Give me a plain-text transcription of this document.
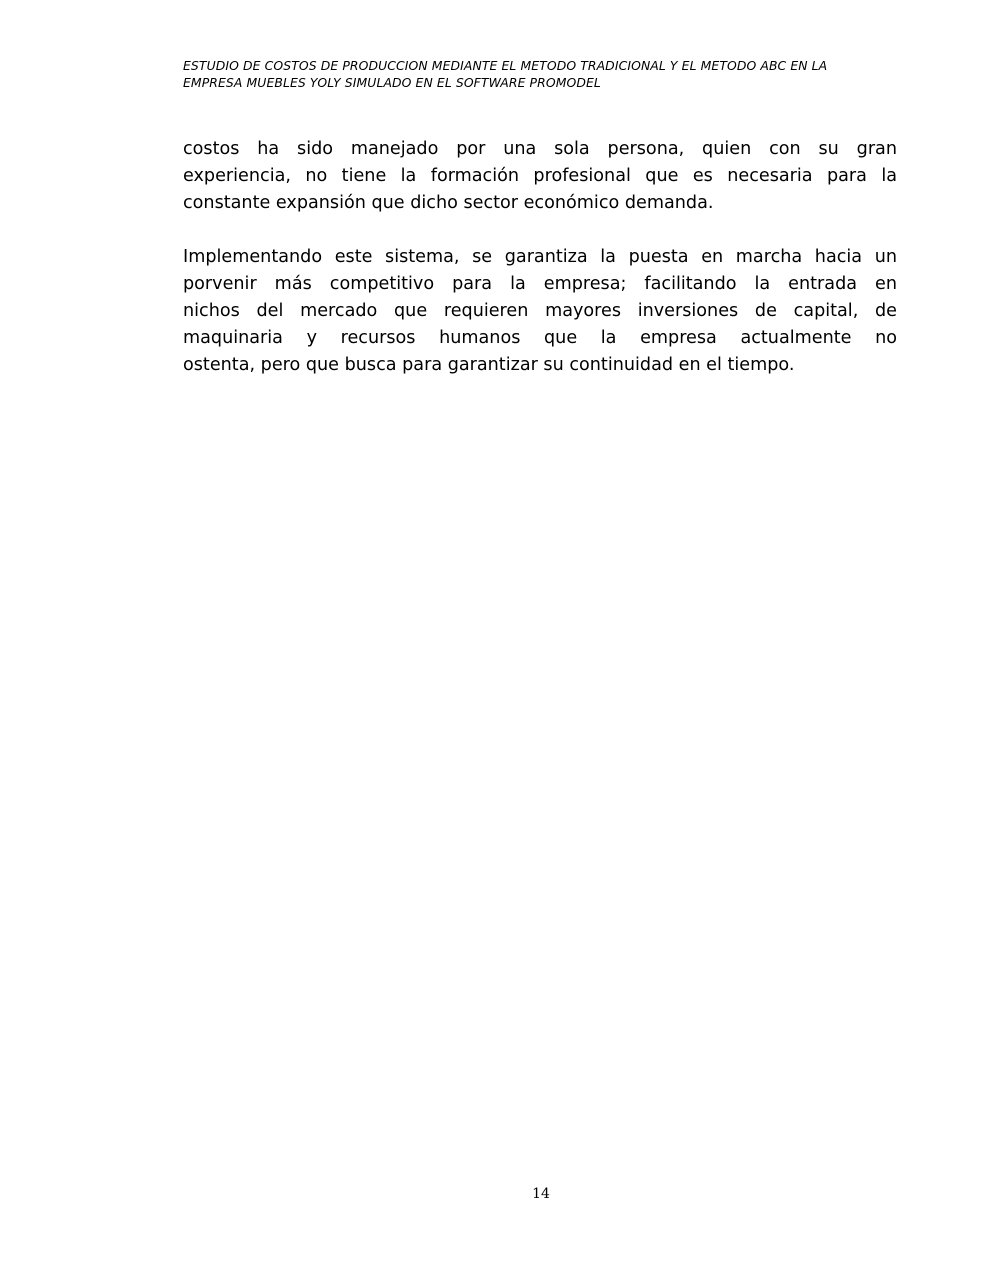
ESTUDIO DE COSTOS DE PRODUCCION MEDIANTE EL METODO TRADICIONAL Y EL METODO ABC EN LA
EMPRESA MUEBLES YOLY SIMULADO EN EL SOFTWARE PROMODEL

costos ha sido manejado por una sola persona, quien con su gran
experiencia, no tiene la formación profesional que es necesaria para la
constante expansión que dicho sector económico demanda.

Implementando este sistema, se garantiza la puesta en marcha hacia un
porvenir más competitivo para la empresa; facilitando la entrada en
nichos del mercado que requieren mayores inversiones de capital, de
maquinaria y recursos humanos que la empresa actualmente no
ostenta, pero que busca para garantizar su continuidad en el tiempo.

14
